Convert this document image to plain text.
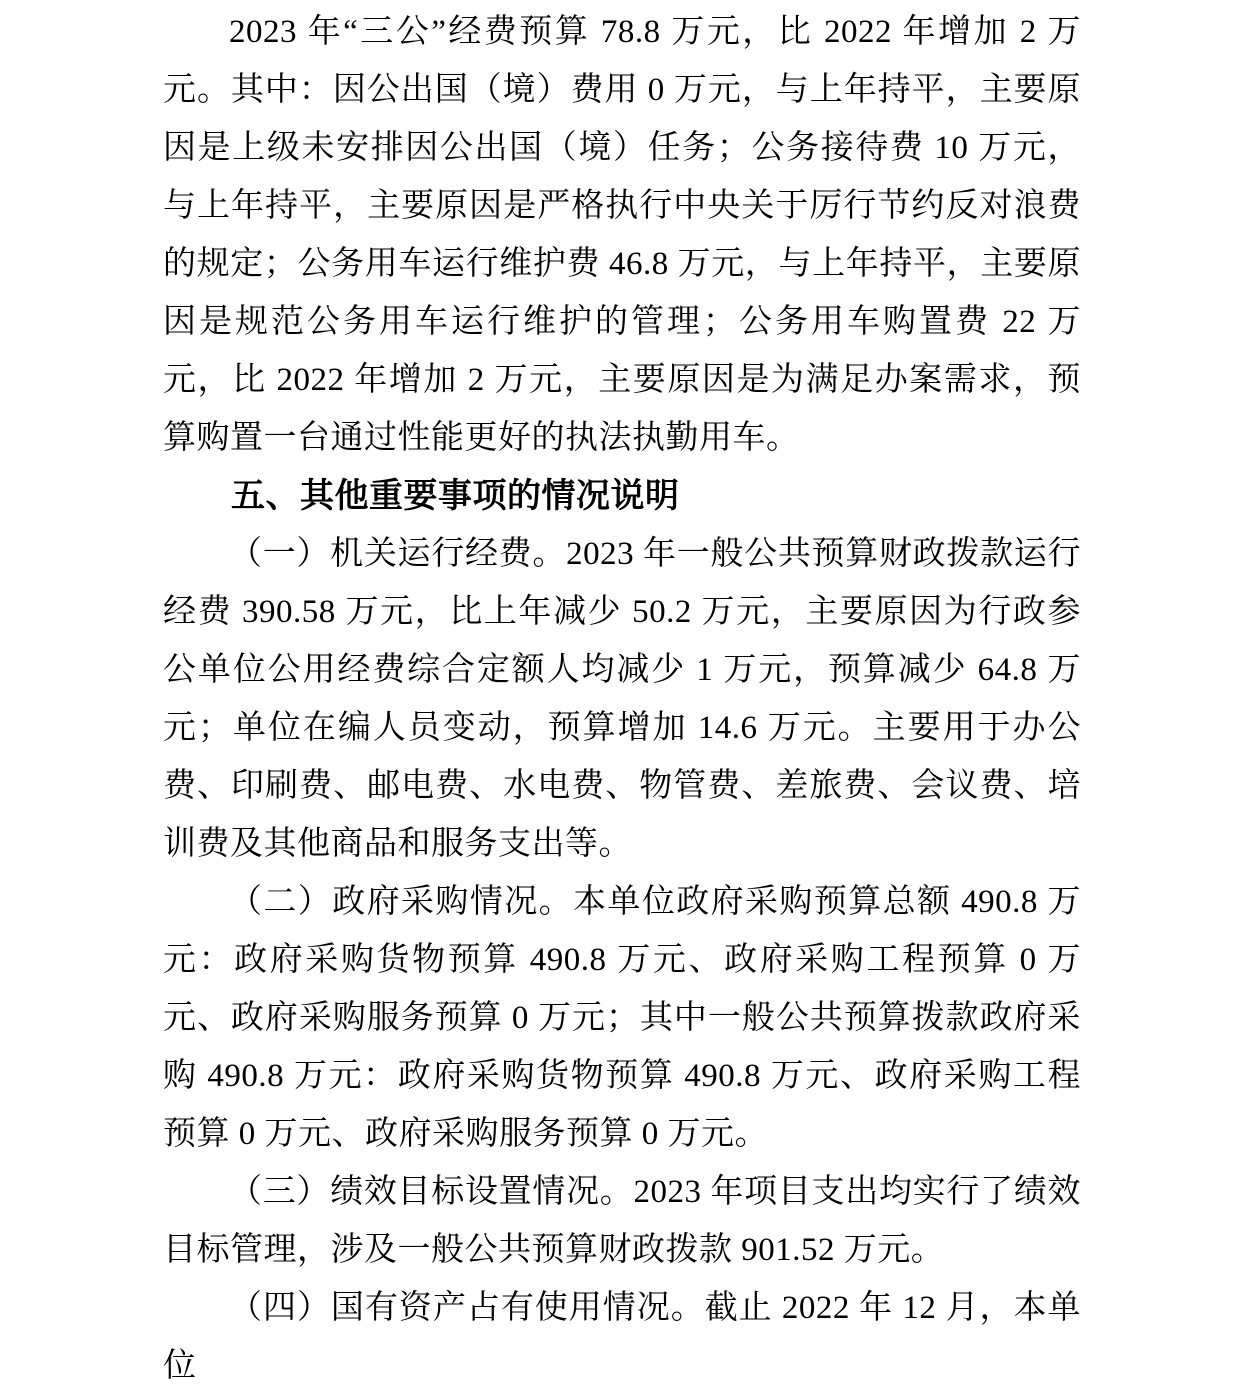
2023 年“三公”经费预算 78.8 万元，比 2022 年增加 2 万元。其中：因公出国（境）费用 0 万元，与上年持平，主要原因是上级未安排因公出国（境）任务；公务接待费 10 万元，与上年持平，主要原因是严格执行中央关于厉行节约反对浪费的规定；公务用车运行维护费 46.8 万元，与上年持平，主要原因是规范公务用车运行维护的管理；公务用车购置费 22 万元，比 2022 年增加 2 万元，主要原因是为满足办案需求，预算购置一台通过性能更好的执法执勤用车。

五、其他重要事项的情况说明

（一）机关运行经费。2023 年一般公共预算财政拨款运行经费 390.58 万元，比上年减少 50.2 万元，主要原因为行政参公单位公用经费综合定额人均减少 1 万元，预算减少 64.8 万元；单位在编人员变动，预算增加 14.6 万元。主要用于办公费、印刷费、邮电费、水电费、物管费、差旅费、会议费、培训费及其他商品和服务支出等。

（二）政府采购情况。本单位政府采购预算总额 490.8 万元：政府采购货物预算 490.8 万元、政府采购工程预算 0 万元、政府采购服务预算 0 万元；其中一般公共预算拨款政府采购 490.8 万元：政府采购货物预算 490.8 万元、政府采购工程预算 0 万元、政府采购服务预算 0 万元。

（三）绩效目标设置情况。2023 年项目支出均实行了绩效目标管理，涉及一般公共预算财政拨款 901.52 万元。

（四）国有资产占有使用情况。截止 2022 年 12 月，本单位
